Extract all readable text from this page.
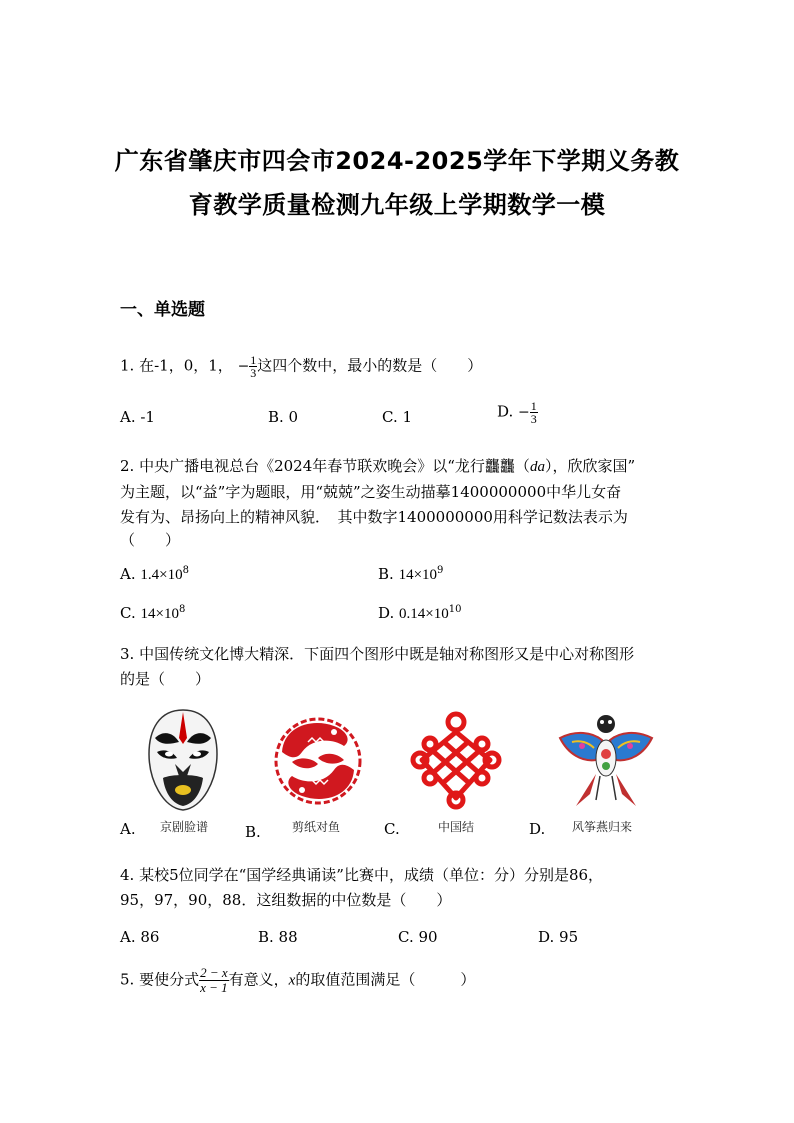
广东省肇庆市四会市2024-2025学年下学期义务教
育教学质量检测九年级上学期数学一模
一、单选题
1. 在-1，0，1， − $\frac{1}{3}$ 这四个数中，最小的数是（　　）
A. -1	B. 0	C. 1	D. − $\frac{1}{3}$
2. 中央广播电视总台《2024年春节联欢晚会》以“龙行龘龘（da），欣欣家国”
为主题，以“益”字为题眼，用“兢兢”之姿生动描摹1400000000中华儿女奋
发有为、昂扬向上的精神风貌．　其中数字1400000000用科学记数法表示为
（　　）
A. $1.4\times 10^8$	B. $14\times 10^9$
C. $14\times 10^8$	D. $0.14\times 10^{10}$
3. 中国传统文化博大精深．下面四个图形中既是轴对称图形又是中心对称图形
的是（　　）
A. 京剧脸谱 B.	剪纸对鱼	C.	中国结	D. 风筝燕归来
4. 某校5位同学在“国学经典诵读”比赛中，成绩（单位：分）分别是86，
95，97，90，88．这组数据的中位数是（　　）
A. 86	B. 88	C. 90	D. 95
5. 要使分式 $\frac{2 - x}{x - 1}$ 有意义，x的取值范围满足（　　　）
